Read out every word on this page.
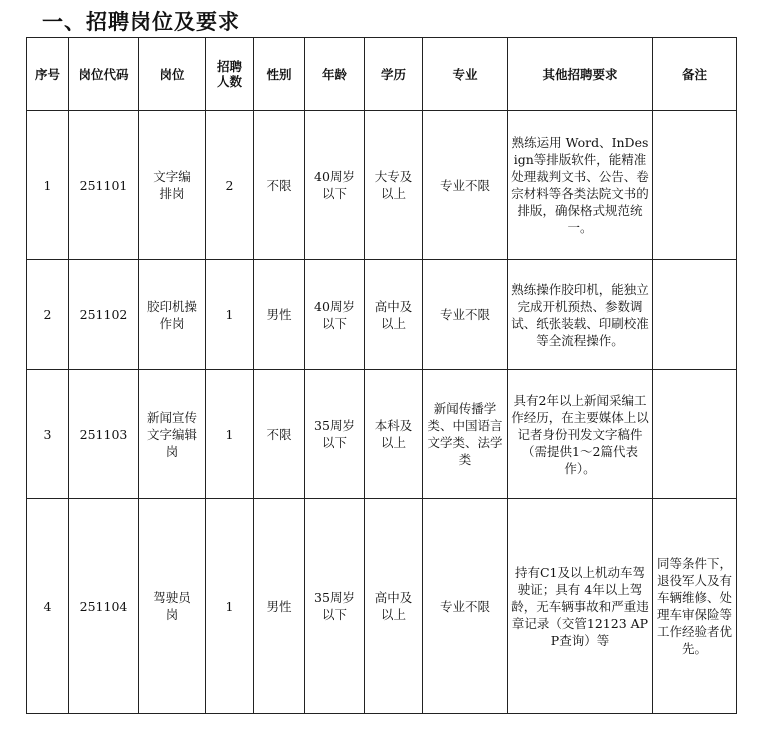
一、招聘岗位及要求
序号	岗位代码	岗位	招聘人数	性别	年龄	学历	专业	其他招聘要求	备注
1	251101	文字编排岗	2	不限	40周岁以下	大专及以上	专业不限	熟练运用 Word、InDesign等排版软件，能精准处理裁判文书、公告、卷宗材料等各类法院文书的排版，确保格式规范统一。	
2	251102	胶印机操作岗	1	男性	40周岁以下	高中及以上	专业不限	熟练操作胶印机，能独立完成开机预热、参数调试、纸张装载、印刷校准等全流程操作。	
3	251103	新闻宣传文字编辑岗	1	不限	35周岁以下	本科及以上	新闻传播学类、中国语言文学类、法学类	具有2年以上新闻采编工作经历，在主要媒体上以记者身份刊发文字稿件（需提供1～2篇代表作）。	
4	251104	驾驶员岗	1	男性	35周岁以下	高中及以上	专业不限	持有C1及以上机动车驾驶证；具有 4年以上驾龄，无车辆事故和严重违章记录（交管12123 APP查询）等	同等条件下，退役军人及有车辆维修、处理车审保险等工作经验者优先。
